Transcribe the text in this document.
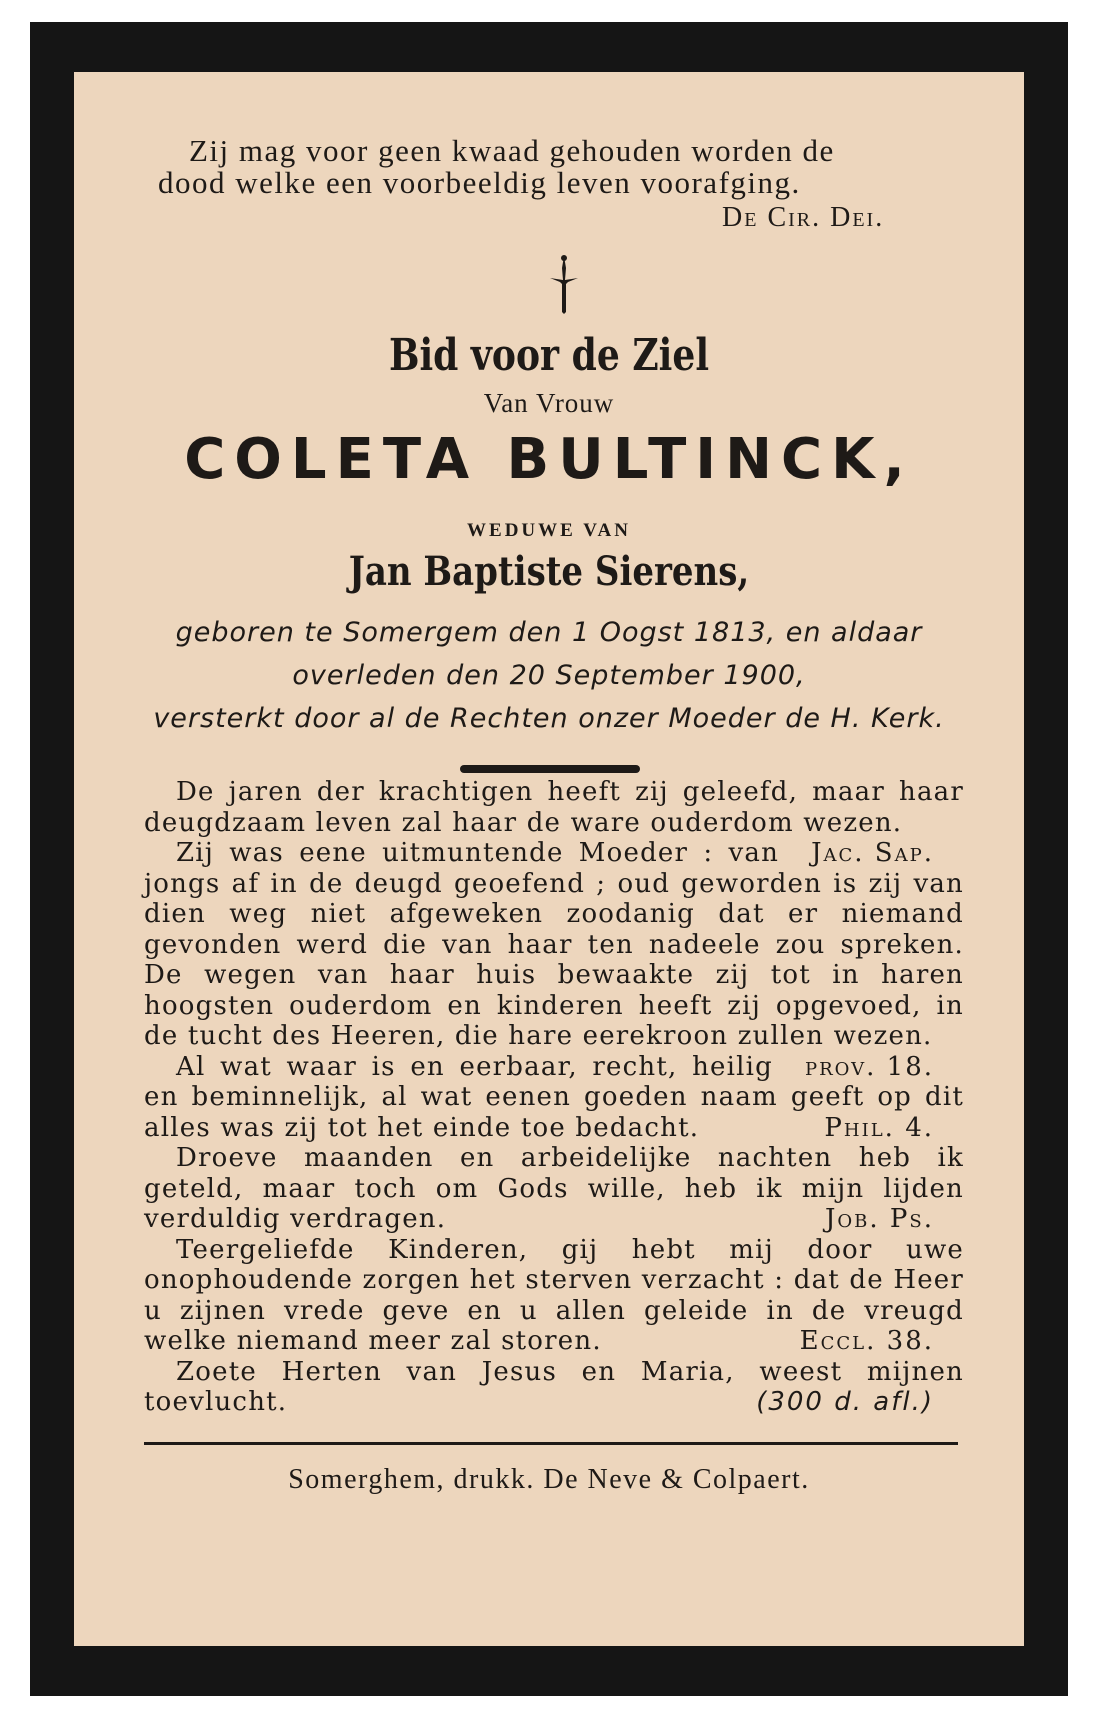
Zij mag voor geen kwaad gehouden worden de
dood welke een voorbeeldig leven voorafging.
De Cir. Dei.
Bid voor de Ziel
Van Vrouw
COLETA BULTINCK,
WEDUWE VAN
Jan Baptiste Sierens,
geboren te Somergem den 1 Oogst 1813, en aldaar
overleden den 20 September 1900,
versterkt door al de Rechten onzer Moeder de H. Kerk.

De jaren der krachtigen heeft zij geleefd, maar haar deugdzaam leven zal haar de ware ouderdom wezen.
Jac. Sap.

Zij was eene uitmuntende Moeder : van jongs af in de deugd geoefend ; oud geworden is zij van dien weg niet afgeweken zoodanig dat er niemand gevonden werd die van haar ten nadeele zou spreken. De wegen van haar huis bewaakte zij tot in haren hoogsten ouderdom en kinderen heeft zij opgevoed, in de tucht des Heeren, die hare eerekroon zullen wezen.
prov. 18.

Al wat waar is en eerbaar, recht, heilig en beminnelijk, al wat eenen goeden naam geeft op dit alles was zij tot het einde toe bedacht.	Phil. 4.

Droeve maanden en arbeidelijke nachten heb ik geteld, maar toch om Gods wille, heb ik mijn lijden verduldig verdragen.	Job. Ps.

Teergeliefde Kinderen, gij hebt mij door uwe onophoudende zorgen het sterven verzacht : dat de Heer u zijnen vrede geve en u allen geleide in de vreugd welke niemand meer zal storen.	Eccl. 38.

Zoete Herten van Jesus en Maria, weest mijnen toevlucht.	(300 d. afl.)

Somerghem, drukk. De Neve & Colpaert.
